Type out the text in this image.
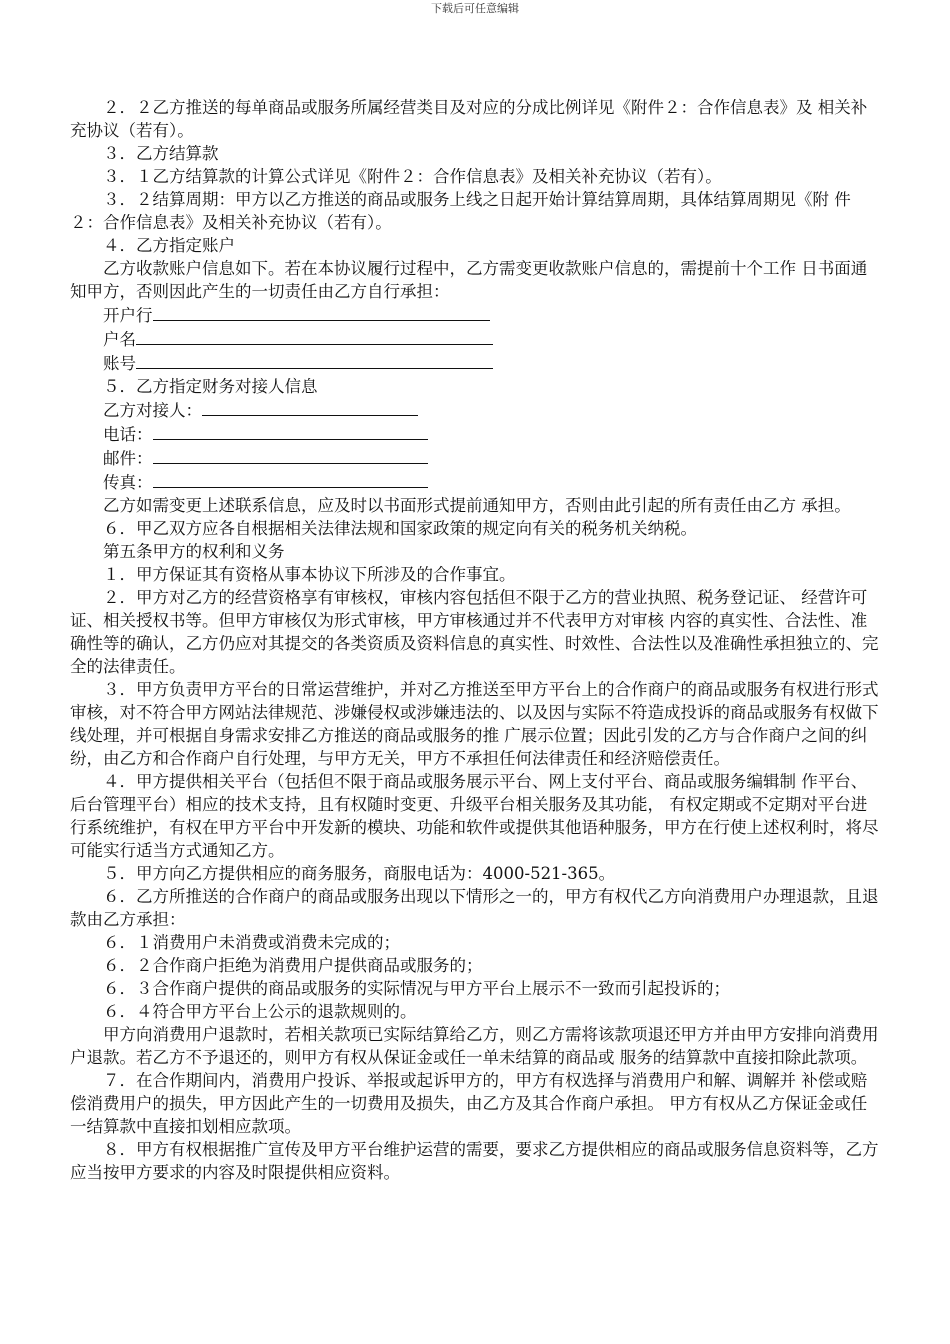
下载后可任意编辑

　　２．２乙方推送的每单商品或服务所属经营类目及对应的分成比例详见《附件２：合作信息表》及 相关补充协议（若有）。

　　３．乙方结算款

　　３．１乙方结算款的计算公式详见《附件２：合作信息表》及相关补充协议（若有）。

　　３．２结算周期：甲方以乙方推送的商品或服务上线之日起开始计算结算周期，具体结算周期见《附 件２：合作信息表》及相关补充协议（若有）。

　　４．乙方指定账户

　　乙方收款账户信息如下。若在本协议履行过程中，乙方需变更收款账户信息的，需提前十个工作 日书面通知甲方，否则因此产生的一切责任由乙方自行承担：

　　开户行

　　户名

　　账号

　　５．乙方指定财务对接人信息

　　乙方对接人：

　　电话：

　　邮件：

　　传真：

　　乙方如需变更上述联系信息，应及时以书面形式提前通知甲方，否则由此引起的所有责任由乙方 承担。

　　６．甲乙双方应各自根据相关法律法规和国家政策的规定向有关的税务机关纳税。

　　第五条甲方的权利和义务

　　１．甲方保证其有资格从事本协议下所涉及的合作事宜。

　　２．甲方对乙方的经营资格享有审核权，审核内容包括但不限于乙方的营业执照、税务登记证、 经营许可证、相关授权书等。但甲方审核仅为形式审核，甲方审核通过并不代表甲方对审核 内容的真实性、合法性、准确性等的确认，乙方仍应对其提交的各类资质及资料信息的真实性、时效性、合法性以及准确性承担独立的、完全的法律责任。

　　３．甲方负责甲方平台的日常运营维护，并对乙方推送至甲方平台上的合作商户的商品或服务有权进行形式审核，对不符合甲方网站法律规范、涉嫌侵权或涉嫌违法的、以及因与实际不符造成投诉的商品或服务有权做下线处理，并可根据自身需求安排乙方推送的商品或服务的推 广展示位置；因此引发的乙方与合作商户之间的纠纷，由乙方和合作商户自行处理，与甲方无关，甲方不承担任何法律责任和经济赔偿责任。

　　４．甲方提供相关平台（包括但不限于商品或服务展示平台、网上支付平台、商品或服务编辑制 作平台、后台管理平台）相应的技术支持，且有权随时变更、升级平台相关服务及其功能， 有权定期或不定期对平台进行系统维护，有权在甲方平台中开发新的模块、功能和软件或提供其他语种服务，甲方在行使上述权利时，将尽可能实行适当方式通知乙方。

　　５．甲方向乙方提供相应的商务服务，商服电话为：4000-521-365。

　　６．乙方所推送的合作商户的商品或服务出现以下情形之一的，甲方有权代乙方向消费用户办理退款，且退款由乙方承担：

　　６．１消费用户未消费或消费未完成的；

　　６．２合作商户拒绝为消费用户提供商品或服务的；

　　６．３合作商户提供的商品或服务的实际情况与甲方平台上展示不一致而引起投诉的；

　　６．４符合甲方平台上公示的退款规则的。

　　甲方向消费用户退款时，若相关款项已实际结算给乙方，则乙方需将该款项退还甲方并由甲方安排向消费用户退款。若乙方不予退还的，则甲方有权从保证金或任一单未结算的商品或 服务的结算款中直接扣除此款项。

　　７．在合作期间内，消费用户投诉、举报或起诉甲方的，甲方有权选择与消费用户和解、调解并 补偿或赔偿消费用户的损失，甲方因此产生的一切费用及损失，由乙方及其合作商户承担。 甲方有权从乙方保证金或任一结算款中直接扣划相应款项。

　　８．甲方有权根据推广宣传及甲方平台维护运营的需要，要求乙方提供相应的商品或服务信息资料等，乙方应当按甲方要求的内容及时限提供相应资料。
